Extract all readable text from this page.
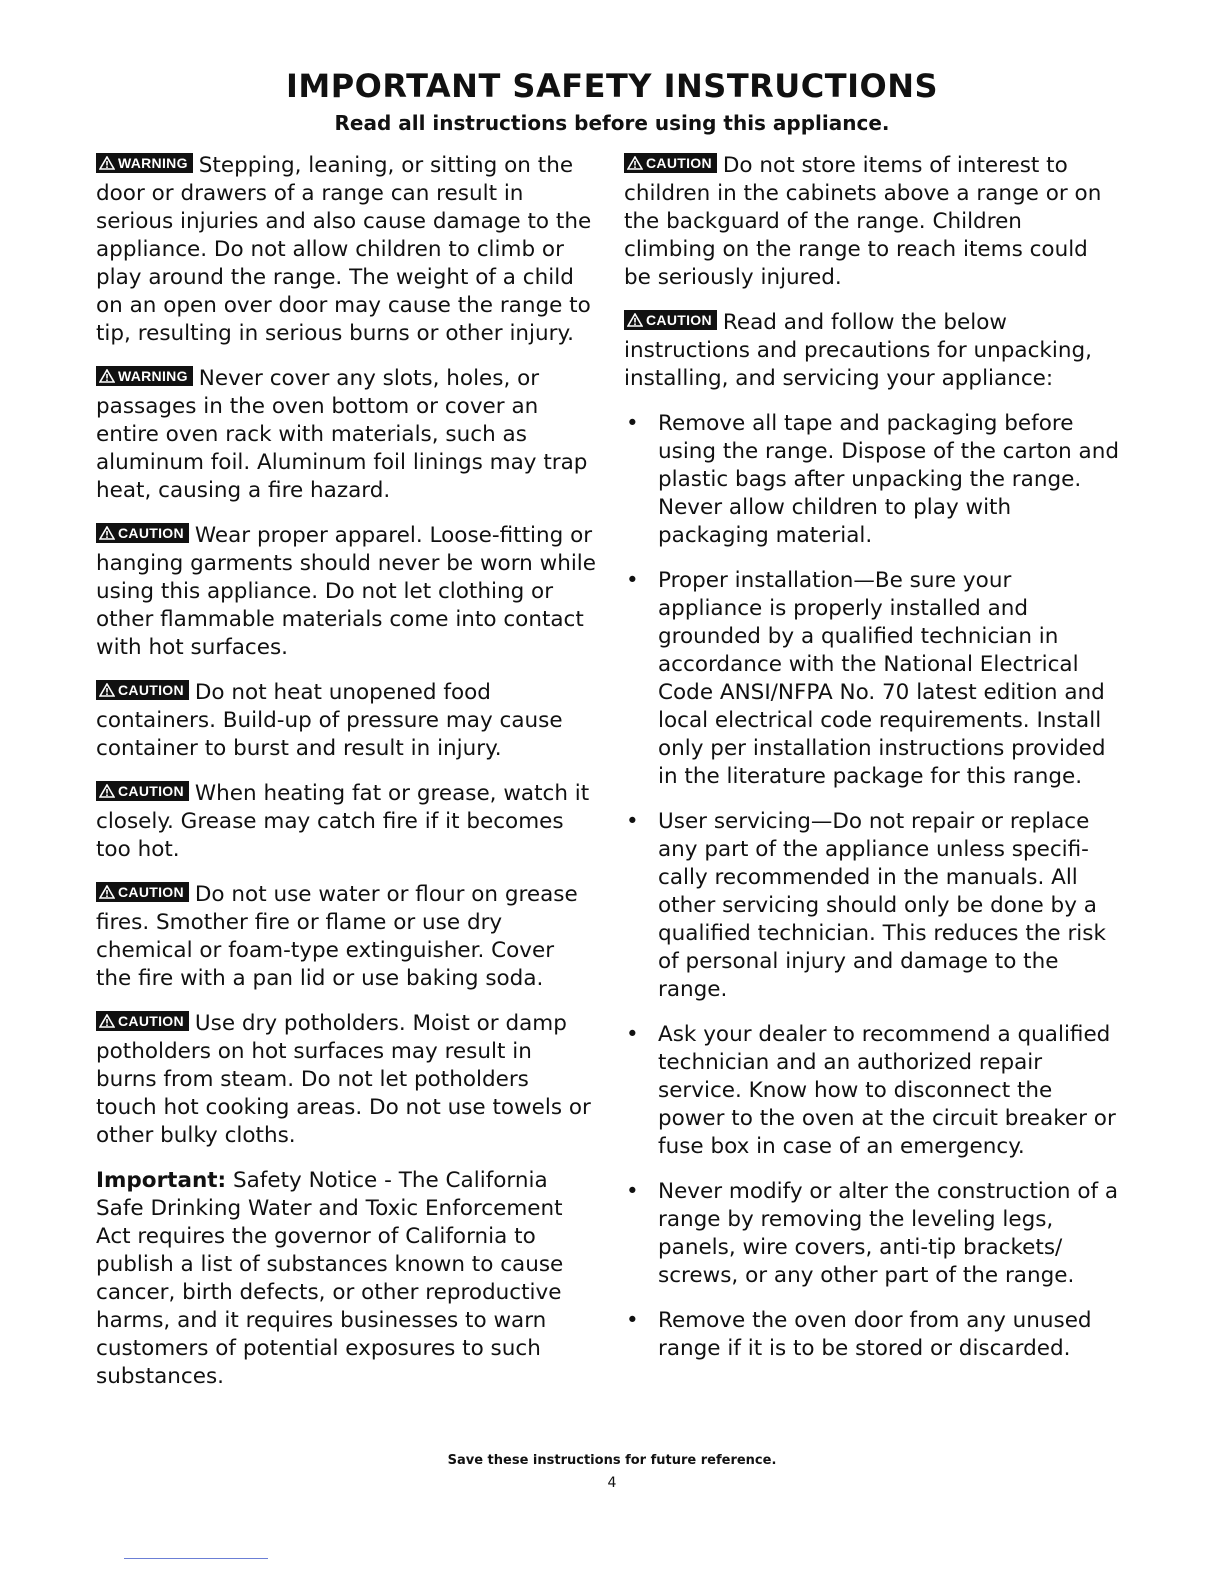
IMPORTANT SAFETY INSTRUCTIONS

Read all instructions before using this appliance.

WARNING Stepping, leaning, or sitting on the door or drawers of a range can result in serious injuries and also cause damage to the appliance. Do not allow children to climb or play around the range. The weight of a child on an open over door may cause the range to tip, resulting in serious burns or other injury.

WARNING Never cover any slots, holes, or passages in the oven bottom or cover an entire oven rack with materials, such as aluminum foil. Aluminum foil linings may trap heat, causing a fire hazard.

CAUTION Wear proper apparel. Loose-fitting or hanging garments should never be worn while using this appliance. Do not let clothing or other flammable materials come into contact with hot surfaces.

CAUTION Do not heat unopened food containers. Build-up of pressure may cause container to burst and result in injury.

CAUTION When heating fat or grease, watch it closely. Grease may catch fire if it becomes too hot.

CAUTION Do not use water or flour on grease fires. Smother fire or flame or use dry chemical or foam-type extinguisher. Cover the fire with a pan lid or use baking soda.

CAUTION Use dry potholders. Moist or damp potholders on hot surfaces may result in burns from steam. Do not let potholders touch hot cooking areas. Do not use towels or other bulky cloths.

Important: Safety Notice - The California Safe Drinking Water and Toxic Enforcement Act requires the governor of California to publish a list of substances known to cause cancer, birth defects, or other reproductive harms, and it requires businesses to warn customers of potential exposures to such substances.

CAUTION Do not store items of interest to children in the cabinets above a range or on the backguard of the range. Children climbing on the range to reach items could be seriously injured.

CAUTION Read and follow the below instructions and precautions for unpacking, installing, and servicing your appliance:

• Remove all tape and packaging before using the range. Dispose of the carton and plastic bags after unpacking the range. Never allow children to play with packaging material.
• Proper installation—Be sure your appliance is properly installed and grounded by a qualified technician in accordance with the National Electrical Code ANSI/NFPA No. 70 latest edition and local electrical code requirements. Install only per installation instructions provided in the literature package for this range.
• User servicing—Do not repair or replace any part of the appliance unless specifi-cally recommended in the manuals. All other servicing should only be done by a qualified technician. This reduces the risk of personal injury and damage to the range.
• Ask your dealer to recommend a qualified technician and an authorized repair service. Know how to disconnect the power to the oven at the circuit breaker or fuse box in case of an emergency.
• Never modify or alter the construction of a range by removing the leveling legs, panels, wire covers, anti-tip brackets/ screws, or any other part of the range.
• Remove the oven door from any unused range if it is to be stored or discarded.

Save these instructions for future reference.

4
